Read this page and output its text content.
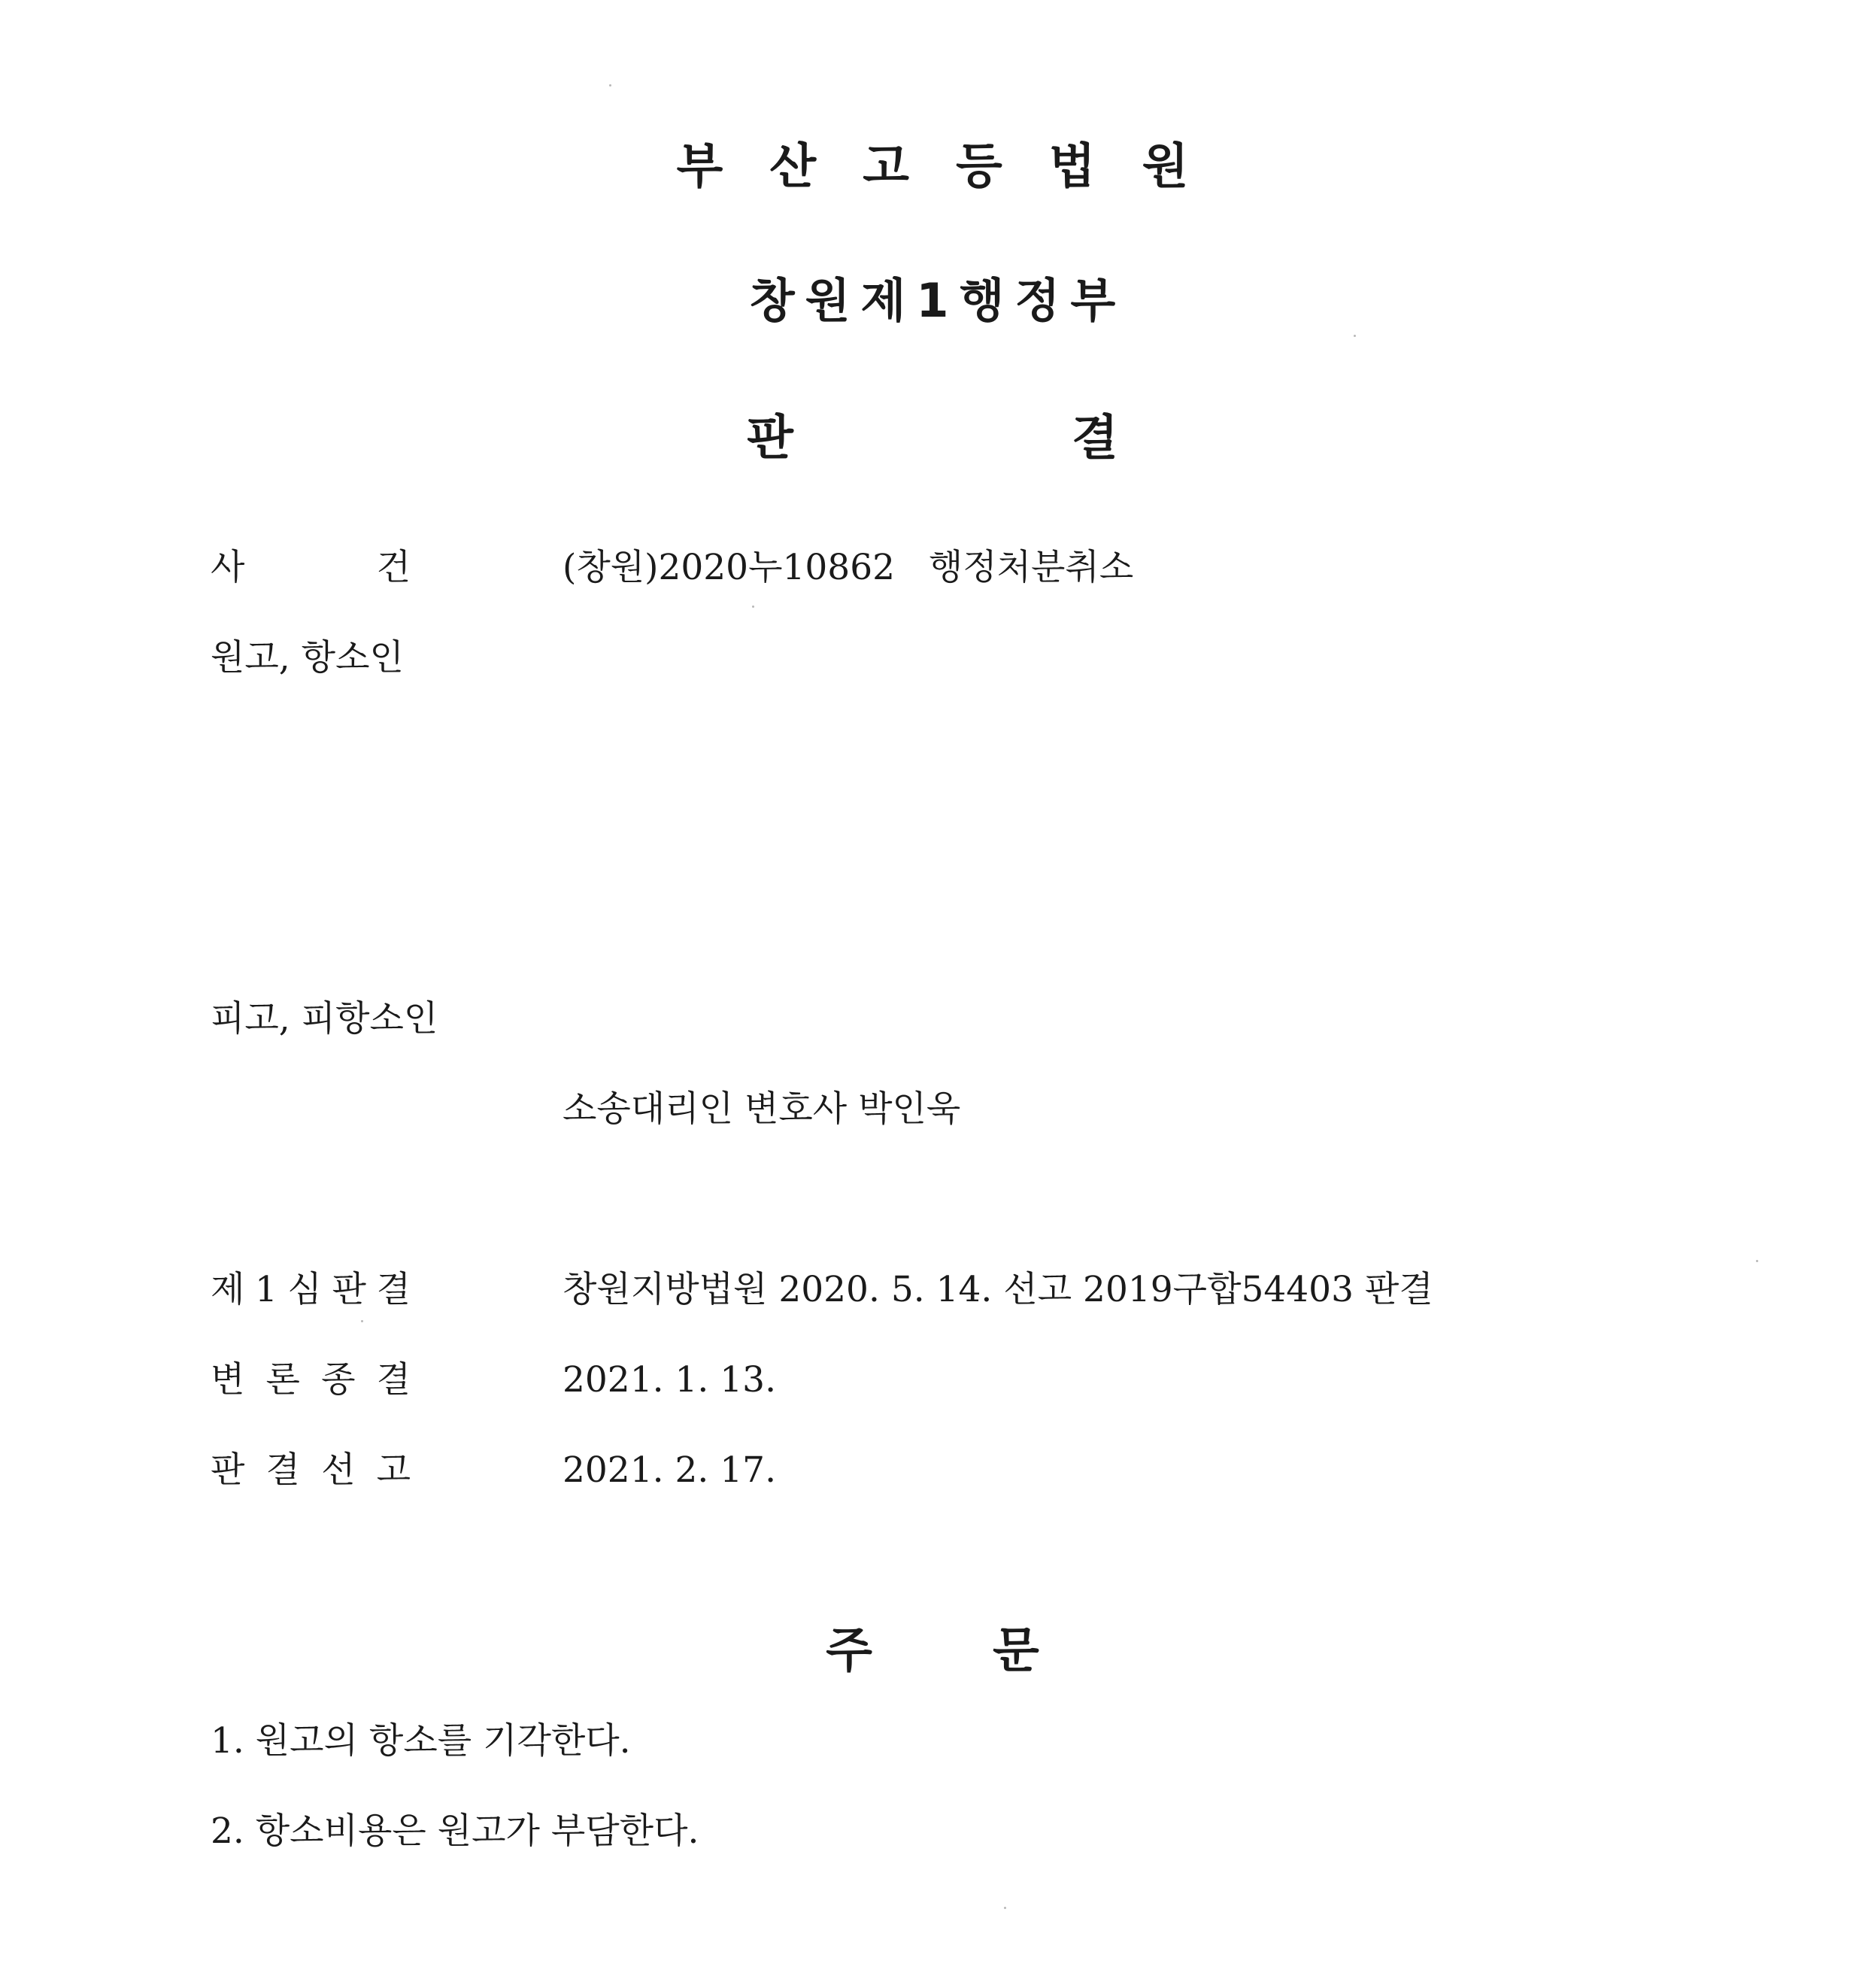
부산고등법원
창원제1행정부
판	결
사	건	(창원)2020누10862   행정처분취소
원고, 항소인
피고, 피항소인
소송대리인 변호사 박인욱
제 1 심 판 결	창원지방법원 2020. 5. 14. 선고 2019구합54403 판결
변 론 종 결	2021. 1. 13.
판 결 선 고	2021. 2. 17.
주	문
1. 원고의 항소를 기각한다.
2. 항소비용은 원고가 부담한다.
